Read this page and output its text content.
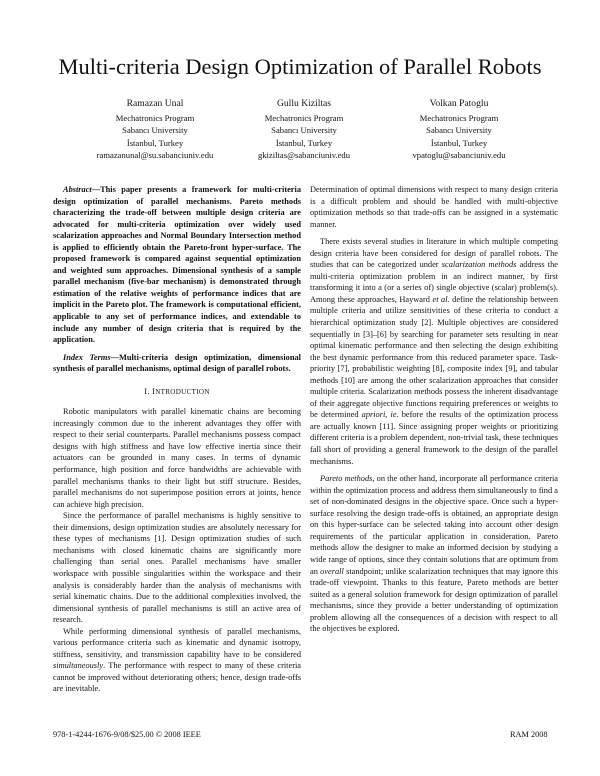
Multi-criteria Design Optimization of Parallel Robots
Ramazan Unal
Mechatronics Program
Sabancı University
İstanbul, Turkey
ramazanunal@su.sabanciuniv.edu
Gullu Kiziltas
Mechatronics Program
Sabancı University
İstanbul, Turkey
gkiziltas@sabanciuniv.edu
Volkan Patoglu
Mechatronics Program
Sabancı University
İstanbul, Turkey
vpatoglu@sabanciuniv.edu

Abstract—This paper presents a framework for multi-criteria design optimization of parallel mechanisms. Pareto methods characterizing the trade-off between multiple design criteria are advocated for multi-criteria optimization over widely used scalarization approaches and Normal Boundary Intersection method is applied to efficiently obtain the Pareto-front hyper-surface. The proposed framework is compared against sequential optimization and weighted sum approaches. Dimensional synthesis of a sample parallel mechanism (five-bar mechanism) is demonstrated through estimation of the relative weights of performance indices that are implicit in the Pareto plot. The framework is computational efficient, applicable to any set of performance indices, and extendable to include any number of design criteria that is required by the application.

Index Terms—Multi-criteria design optimization, dimensional synthesis of parallel mechanisms, optimal design of parallel robots.

I. INTRODUCTION

Robotic manipulators with parallel kinematic chains are becoming increasingly common due to the inherent advantages they offer with respect to their serial counterparts. Parallel mechanisms possess compact designs with high stiffness and have low effective inertia since their actuators can be grounded in many cases. In terms of dynamic performance, high position and force bandwidths are achievable with parallel mechanisms thanks to their light but stiff structure. Besides, parallel mechanisms do not superimpose position errors at joints, hence can achieve high precision.

Since the performance of parallel mechanisms is highly sensitive to their dimensions, design optimization studies are absolutely necessary for these types of mechanisms [1]. Design optimization studies of such mechanisms with closed kinematic chains are significantly more challenging than serial ones. Parallel mechanisms have smaller workspace with possible singularities within the workspace and their analysis is considerably harder than the analysis of mechanisms with serial kinematic chains. Due to the additional complexities involved, the dimensional synthesis of parallel mechanisms is still an active area of research.

While performing dimensional synthesis of parallel mechanisms, various performance criteria such as kinematic and dynamic isotropy, stiffness, sensitivity, and transmission capability have to be considered simultaneously. The performance with respect to many of these criteria cannot be improved without deteriorating others; hence, design trade-offs are inevitable.

Determination of optimal dimensions with respect to many design criteria is a difficult problem and should be handled with multi-objective optimization methods so that trade-offs can be assigned in a systematic manner.

There exists several studies in literature in which multiple competing design criteria have been considered for design of parallel robots. The studies that can be categorized under scalarization methods address the multi-criteria optimization problem in an indirect manner, by first transforming it into a (or a series of) single objective (scalar) problem(s). Among these approaches, Hayward et al. define the relationship between multiple criteria and utilize sensitivities of these criteria to conduct a hierarchical optimization study [2]. Multiple objectives are considered sequentially in [3]–[6] by searching for parameter sets resulting in near optimal kinematic performance and then selecting the design exhibiting the best dynamic performance from this reduced parameter space. Task-priority [7], probabilistic weighting [8], composite index [9], and tabular methods [10] are among the other scalarization approaches that consider multiple criteria. Scalarization methods possess the inherent disadvantage of their aggregate objective functions requiring preferences or weights to be determined apriori, ie. before the results of the optimization process are actually known [11]. Since assigning proper weights or prioritizing different criteria is a problem dependent, non-trivial task, these techniques fall short of providing a general framework to the design of the parallel mechanisms.

Pareto methods, on the other hand, incorporate all performance criteria within the optimization process and address them simultaneously to find a set of non-dominated designs in the objective space. Once such a hyper-surface resolving the design trade-offs is obtained, an appropriate design on this hyper-surface can be selected taking into account other design requirements of the particular application in consideration. Pareto methods allow the designer to make an informed decision by studying a wide range of options, since they contain solutions that are optimum from an overall standpoint; unlike scalarization techniques that may ignore this trade-off viewpoint. Thanks to this feature, Pareto methods are better suited as a general solution framework for design optimization of parallel mechanisms, since they provide a better understanding of optimization problem allowing all the consequences of a decision with respect to all the objectives be explored.

978-1-4244-1676-9/08/$25.00 © 2008 IEEE	RAM 2008
